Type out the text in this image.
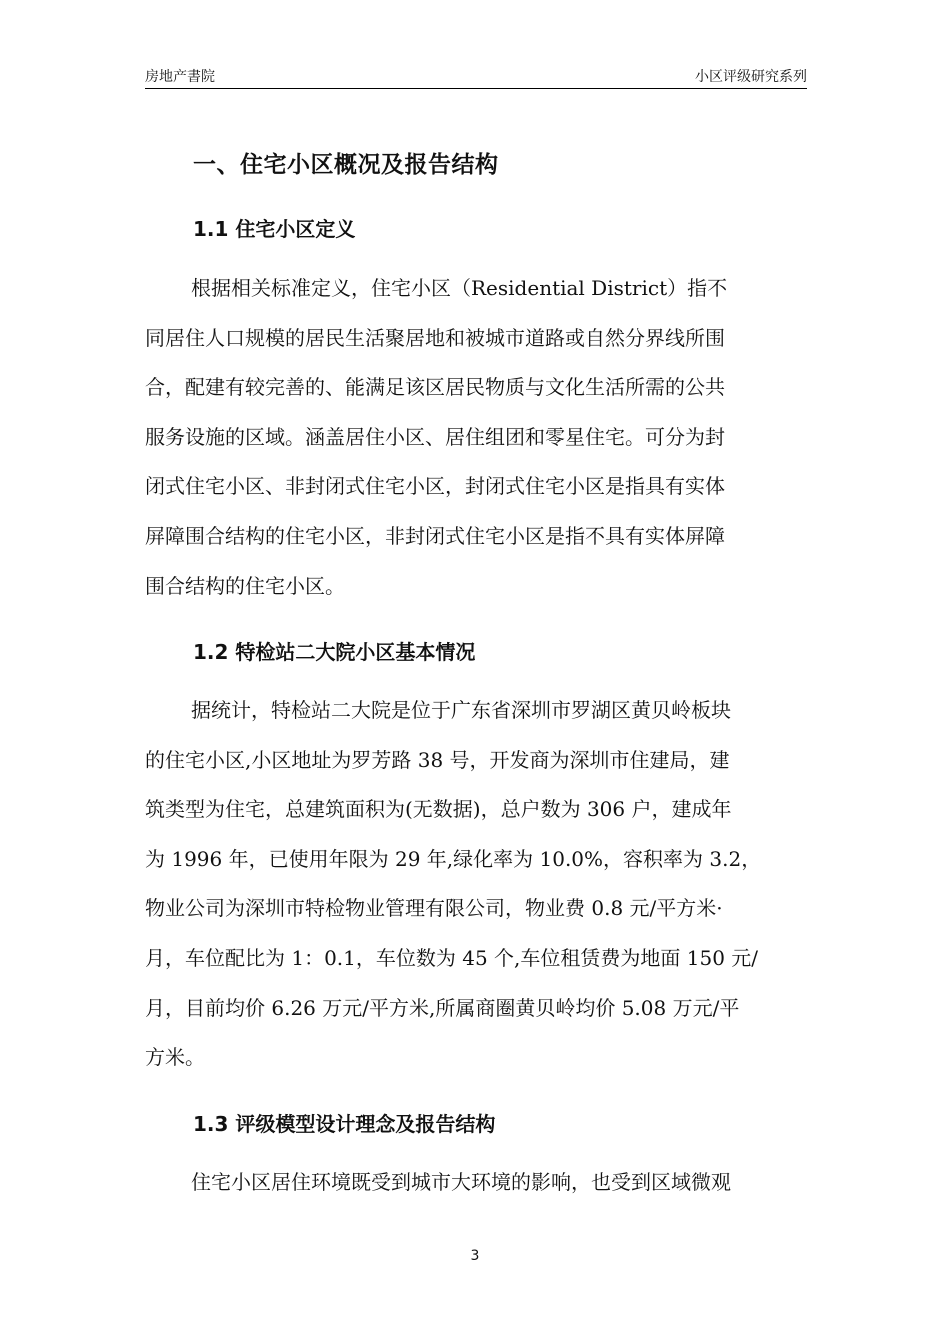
房地产書院	小区评级研究系列
一、住宅小区概况及报告结构
1.1 住宅小区定义
根据相关标准定义，住宅小区（Residential District）指不
同居住人口规模的居民生活聚居地和被城市道路或自然分界线所围
合，配建有较完善的、能满足该区居民物质与文化生活所需的公共
服务设施的区域。涵盖居住小区、居住组团和零星住宅。可分为封
闭式住宅小区、非封闭式住宅小区，封闭式住宅小区是指具有实体
屏障围合结构的住宅小区，非封闭式住宅小区是指不具有实体屏障
围合结构的住宅小区。
1.2 特检站二大院小区基本情况
据统计，特检站二大院是位于广东省深圳市罗湖区黄贝岭板块
的住宅小区,小区地址为罗芳路 38 号，开发商为深圳市住建局，建
筑类型为住宅，总建筑面积为(无数据)，总户数为 306 户，建成年
为 1996 年，已使用年限为 29 年,绿化率为 10.0%，容积率为 3.2，
物业公司为深圳市特检物业管理有限公司，物业费 0.8 元/平方米·
月，车位配比为 1：0.1，车位数为 45 个,车位租赁费为地面 150 元/
月，目前均价 6.26 万元/平方米,所属商圈黄贝岭均价 5.08 万元/平
方米。
1.3 评级模型设计理念及报告结构
住宅小区居住环境既受到城市大环境的影响，也受到区域微观
3
